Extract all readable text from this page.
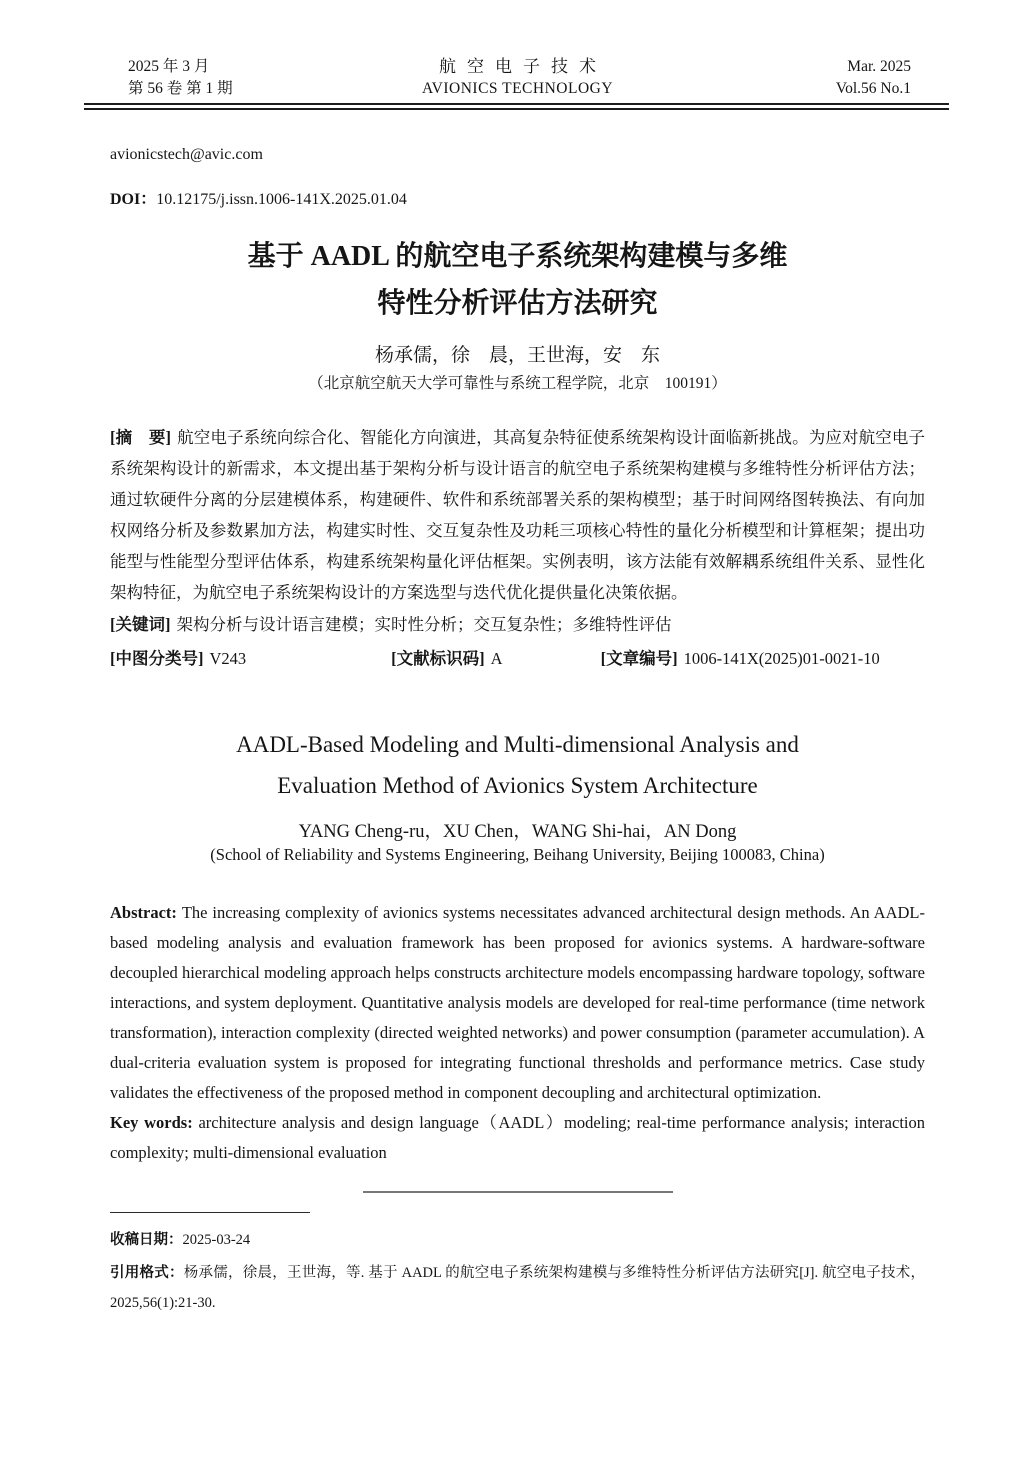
2025 年 3 月
第 56 卷 第 1 期
航空电子技术
AVIONICS TECHNOLOGY
Mar. 2025
Vol.56 No.1
avionicstech@avic.com
DOI：10.12175/j.issn.1006-141X.2025.01.04
基于 AADL 的航空电子系统架构建模与多维
特性分析评估方法研究
杨承儒，徐　晨，王世海，安　东
（北京航空航天大学可靠性与系统工程学院，北京　100191）

[摘　要] 航空电子系统向综合化、智能化方向演进，其高复杂特征使系统架构设计面临新挑战。为应对航空电子系统架构设计的新需求，本文提出基于架构分析与设计语言的航空电子系统架构建模与多维特性分析评估方法；通过软硬件分离的分层建模体系，构建硬件、软件和系统部署关系的架构模型；基于时间网络图转换法、有向加权网络分析及参数累加方法，构建实时性、交互复杂性及功耗三项核心特性的量化分析模型和计算框架；提出功能型与性能型分型评估体系，构建系统架构量化评估框架。实例表明，该方法能有效解耦系统组件关系、显性化架构特征，为航空电子系统架构设计的方案选型与迭代优化提供量化决策依据。

[关键词] 架构分析与设计语言建模；实时性分析；交互复杂性；多维特性评估
[中图分类号] V243	[文献标识码] A	[文章编号] 1006-141X(2025)01-0021-10
AADL-Based Modeling and Multi-dimensional Analysis and
Evaluation Method of Avionics System Architecture
YANG Cheng-ru，XU Chen，WANG Shi-hai，AN Dong
(School of Reliability and Systems Engineering, Beihang University, Beijing 100083, China)

Abstract: The increasing complexity of avionics systems necessitates advanced architectural design methods. An AADL-based modeling analysis and evaluation framework has been proposed for avionics systems. A hardware-software decoupled hierarchical modeling approach helps constructs architecture models encompassing hardware topology, software interactions, and system deployment. Quantitative analysis models are developed for real-time performance (time network transformation), interaction complexity (directed weighted networks) and power consumption (parameter accumulation). A dual-criteria evaluation system is proposed for integrating functional thresholds and performance metrics. Case study validates the effectiveness of the proposed method in component decoupling and architectural optimization.

Key words: architecture analysis and design language（AADL）modeling; real-time performance analysis; interaction complexity; multi-dimensional evaluation
收稿日期：2025-03-24

引用格式：杨承儒，徐晨，王世海，等. 基于 AADL 的航空电子系统架构建模与多维特性分析评估方法研究[J]. 航空电子技术，2025,56(1):21-30.
